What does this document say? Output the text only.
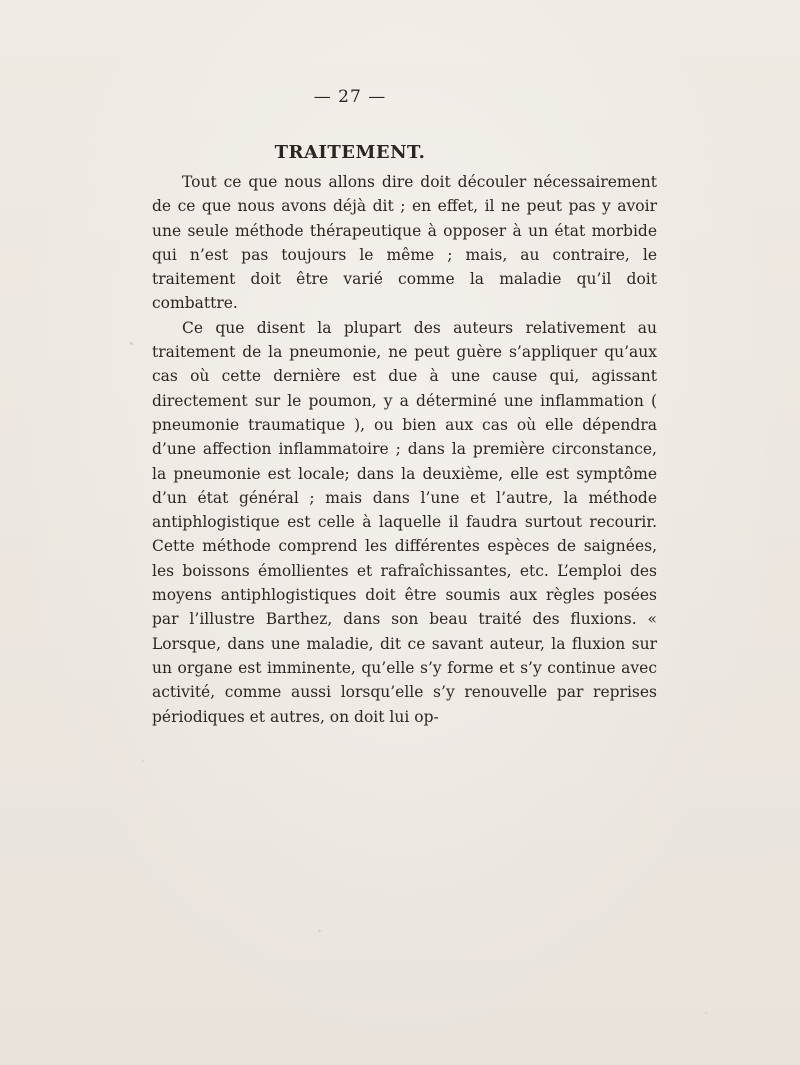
— 27 —
TRAITEMENT.

Tout ce que nous allons dire doit découler nécessairement de ce que nous avons déjà dit ; en effet, il ne peut pas y avoir une seule méthode thérapeutique à opposer à un état morbide qui n’est pas toujours le même ; mais, au contraire, le traitement doit être varié comme la maladie qu’il doit combattre.

Ce que disent la plupart des auteurs relativement au traitement de la pneumonie, ne peut guère s’appliquer qu’aux cas où cette dernière est due à une cause qui, agissant directement sur le poumon, y a déterminé une inflammation ( pneumonie traumatique ), ou bien aux cas où elle dépendra d’une affection inflammatoire ; dans la première circonstance, la pneumonie est locale; dans la deuxième, elle est symptôme d’un état général ; mais dans l’une et l’autre, la méthode antiphlogistique est celle à laquelle il faudra surtout recourir. Cette méthode comprend les différentes espèces de saignées, les boissons émollientes et rafraîchissantes, etc. L’emploi des moyens antiphlogistiques doit être soumis aux règles posées par l’illustre Barthez, dans son beau traité des fluxions. « Lorsque, dans une maladie, dit ce savant auteur, la fluxion sur un organe est imminente, qu’elle s’y forme et s’y continue avec activité, comme aussi lorsqu’elle s’y renouvelle par reprises périodiques et autres, on doit lui op-
